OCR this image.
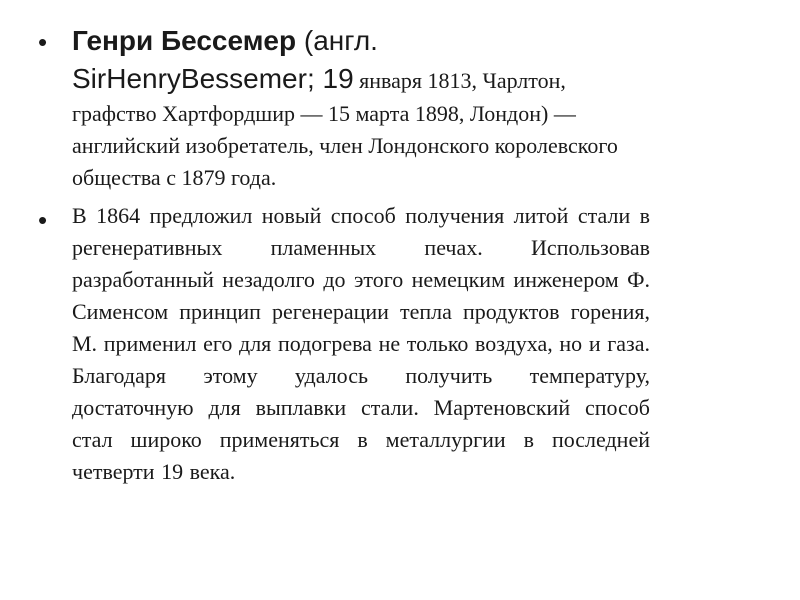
• Генри Бессемер (англ.
SirHenryBessemer; 19 января 1813, Чарлтон, графство Хартфордшир — 15 марта 1898, Лондон) — английский изобретатель, член Лондонского королевского общества с 1879 года.
• В 1864 предложил новый способ получения литой стали в регенеративных пламенных печах. Использовав разработанный незадолго до этого немецким инженером Ф. Сименсом принцип регенерации тепла продуктов горения, М. применил его для подогрева не только воздуха, но и газа. Благодаря этому удалось получить температуру, достаточную для выплавки стали. Мартеновский способ стал широко применяться в металлургии в последней четверти 19 века.
